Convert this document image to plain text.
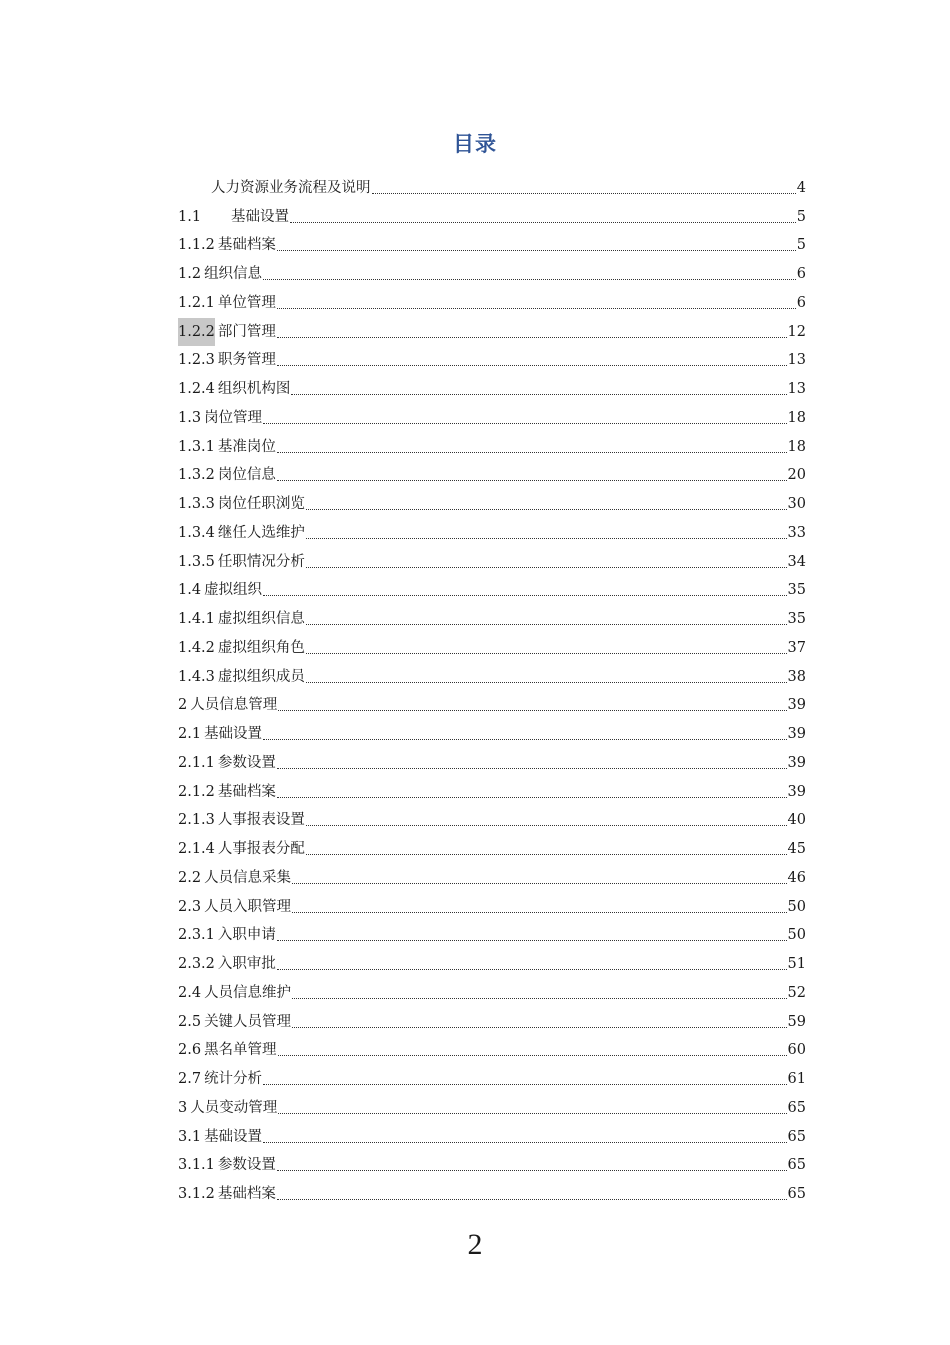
目录
人力资源业务流程及说明	4
1.1	基础设置	5
1.1.2 基础档案	5
1.2 组织信息	6
1.2.1 单位管理	6
1.2.2 部门管理	12
1.2.3 职务管理	13
1.2.4 组织机构图	13
1.3 岗位管理	18
1.3.1 基准岗位	18
1.3.2 岗位信息	20
1.3.3 岗位任职浏览	30
1.3.4 继任人选维护	33
1.3.5 任职情况分析	34
1.4 虚拟组织	35
1.4.1 虚拟组织信息	35
1.4.2 虚拟组织角色	37
1.4.3 虚拟组织成员	38
2 人员信息管理	39
2.1 基础设置	39
2.1.1 参数设置	39
2.1.2 基础档案	39
2.1.3 人事报表设置	40
2.1.4 人事报表分配	45
2.2 人员信息采集	46
2.3 人员入职管理	50
2.3.1 入职申请	50
2.3.2 入职审批	51
2.4 人员信息维护	52
2.5 关键人员管理	59
2.6 黑名单管理	60
2.7 统计分析	61
3 人员变动管理	65
3.1 基础设置	65
3.1.1 参数设置	65
3.1.2 基础档案	65
2
